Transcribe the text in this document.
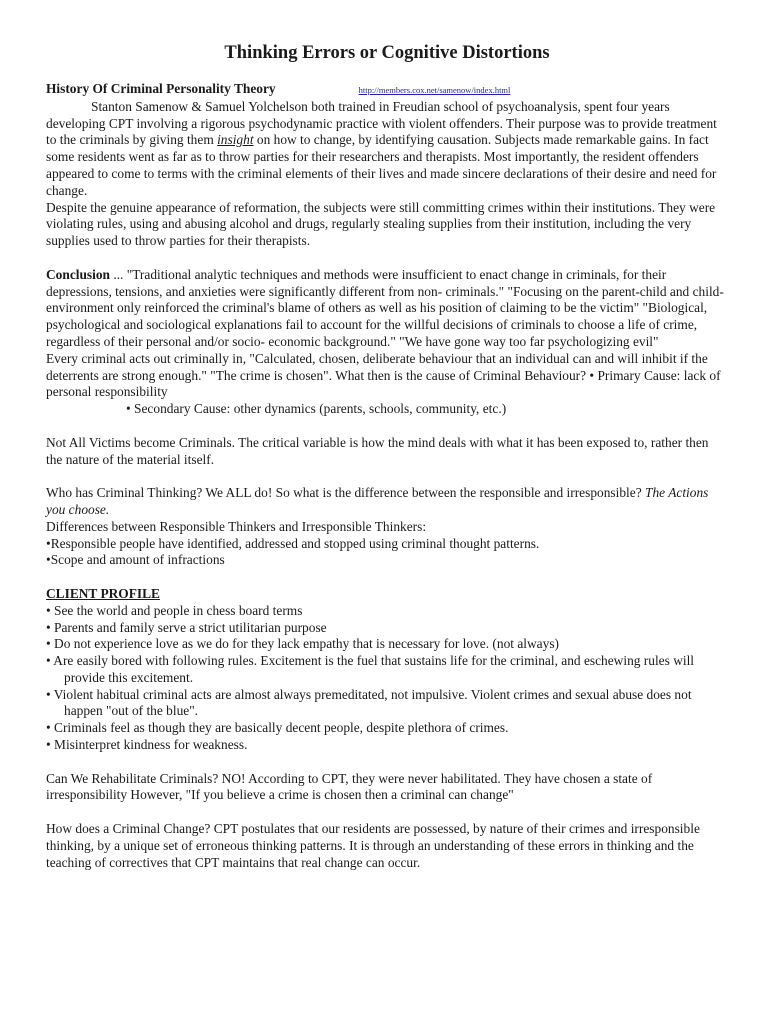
Thinking Errors or Cognitive Distortions
History Of Criminal Personality Theory	http://members.cox.net/samenow/index.html

Stanton Samenow & Samuel Yolchelson both trained in Freudian school of psychoanalysis, spent four years developing CPT involving a rigorous psychodynamic practice with violent offenders. Their purpose was to provide treatment to the criminals by giving them insight on how to change, by identifying causation. Subjects made remarkable gains. In fact some residents went as far as to throw parties for their researchers and therapists. Most importantly, the resident offenders appeared to come to terms with the criminal elements of their lives and made sincere declarations of their desire and need for change.

Despite the genuine appearance of reformation, the subjects were still committing crimes within their institutions. They were violating rules, using and abusing alcohol and drugs, regularly stealing supplies from their institution, including the very supplies used to throw parties for their therapists.

Conclusion ... "Traditional analytic techniques and methods were insufficient to enact change in criminals, for their depressions, tensions, and anxieties were significantly different from non- criminals." "Focusing on the parent-child and child- environment only reinforced the criminal's blame of others as well as his position of claiming to be the victim" "Biological, psychological and sociological explanations fail to account for the willful decisions of criminals to choose a life of crime, regardless of their personal and/or socio- economic background." "We have gone way too far psychologizing evil"

Every criminal acts out criminally in, "Calculated, chosen, deliberate behaviour that an individual can and will inhibit if the deterrents are strong enough." "The crime is chosen". What then is the cause of Criminal Behaviour? • Primary Cause: lack of personal responsibility

• Secondary Cause: other dynamics (parents, schools, community, etc.)

Not All Victims become Criminals. The critical variable is how the mind deals with what it has been exposed to, rather then the nature of the material itself.

Who has Criminal Thinking? We ALL do! So what is the difference between the responsible and irresponsible? The Actions you choose.

Differences between Responsible Thinkers and Irresponsible Thinkers:

•Responsible people have identified, addressed and stopped using criminal thought patterns.

•Scope and amount of infractions

CLIENT PROFILE

• See the world and people in chess board terms

• Parents and family serve a strict utilitarian purpose

• Do not experience love as we do for they lack empathy that is necessary for love. (not always)

• Are easily bored with following rules. Excitement is the fuel that sustains life for the criminal, and eschewing rules will provide this excitement.

• Violent habitual criminal acts are almost always premeditated, not impulsive. Violent crimes and sexual abuse does not happen "out of the blue".

• Criminals feel as though they are basically decent people, despite plethora of crimes.

• Misinterpret kindness for weakness.

Can We Rehabilitate Criminals? NO! According to CPT, they were never habilitated. They have chosen a state of irresponsibility However, "If you believe a crime is chosen then a criminal can change"

How does a Criminal Change? CPT postulates that our residents are possessed, by nature of their crimes and irresponsible thinking, by a unique set of erroneous thinking patterns. It is through an understanding of these errors in thinking and the teaching of correctives that CPT maintains that real change can occur.
